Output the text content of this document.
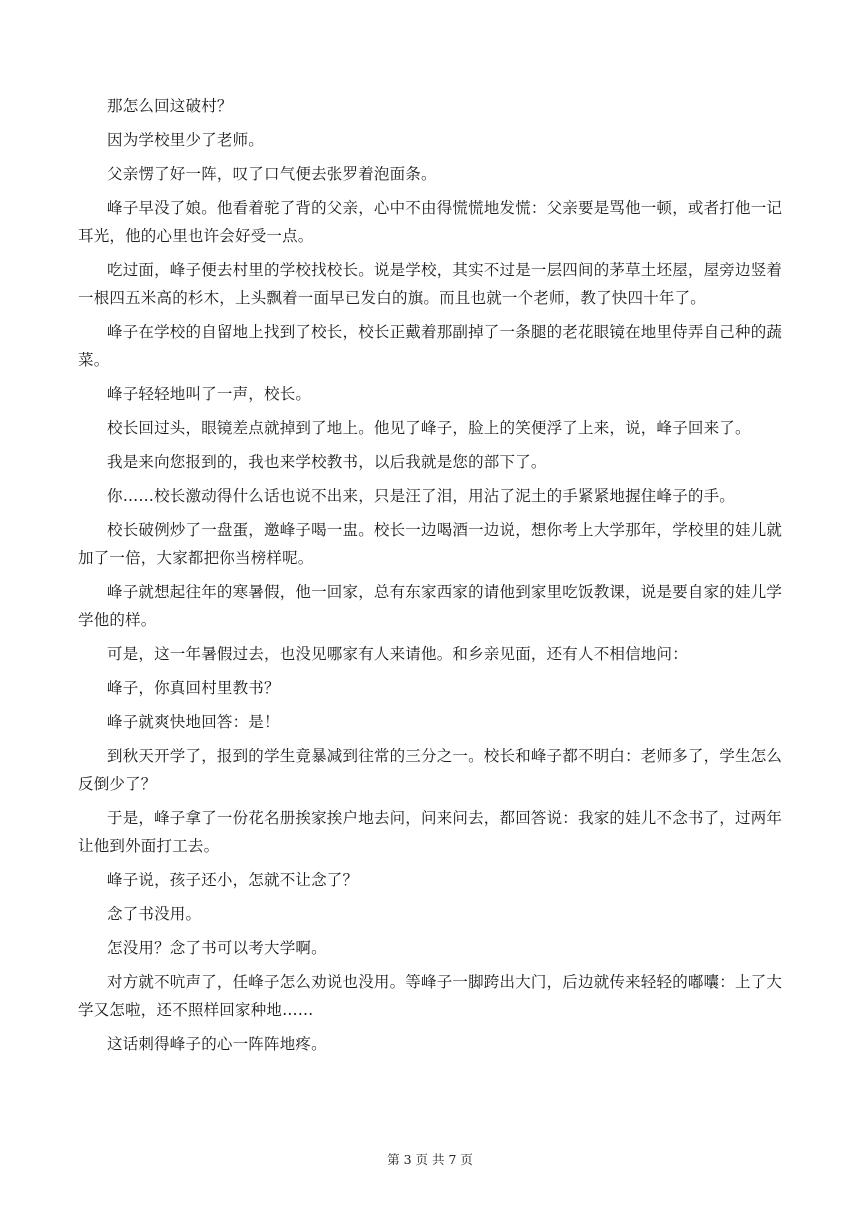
那怎么回这破村？

因为学校里少了老师。

父亲愣了好一阵，叹了口气便去张罗着泡面条。

峰子早没了娘。他看着驼了背的父亲，心中不由得慌慌地发慌：父亲要是骂他一顿，或者打他一记耳光，他的心里也许会好受一点。

吃过面，峰子便去村里的学校找校长。说是学校，其实不过是一层四间的茅草土坯屋，屋旁边竖着一根四五米高的杉木，上头飘着一面早已发白的旗。而且也就一个老师，教了快四十年了。

峰子在学校的自留地上找到了校长，校长正戴着那副掉了一条腿的老花眼镜在地里侍弄自己种的蔬菜。

峰子轻轻地叫了一声，校长。

校长回过头，眼镜差点就掉到了地上。他见了峰子，脸上的笑便浮了上来，说，峰子回来了。

我是来向您报到的，我也来学校教书，以后我就是您的部下了。

你……校长激动得什么话也说不出来，只是汪了泪，用沾了泥土的手紧紧地握住峰子的手。

校长破例炒了一盘蛋，邀峰子喝一盅。校长一边喝酒一边说，想你考上大学那年，学校里的娃儿就加了一倍，大家都把你当榜样呢。

峰子就想起往年的寒暑假，他一回家，总有东家西家的请他到家里吃饭教课，说是要自家的娃儿学学他的样。

可是，这一年暑假过去，也没见哪家有人来请他。和乡亲见面，还有人不相信地问：

峰子，你真回村里教书？

峰子就爽快地回答：是！

到秋天开学了，报到的学生竟暴减到往常的三分之一。校长和峰子都不明白：老师多了，学生怎么反倒少了？

于是，峰子拿了一份花名册挨家挨户地去问，问来问去，都回答说：我家的娃儿不念书了，过两年让他到外面打工去。

峰子说，孩子还小，怎就不让念了？

念了书没用。

怎没用？念了书可以考大学啊。

对方就不吭声了，任峰子怎么劝说也没用。等峰子一脚跨出大门，后边就传来轻轻的嘟囔：上了大学又怎啦，还不照样回家种地……

这话刺得峰子的心一阵阵地疼。

第 3 页 共 7 页
